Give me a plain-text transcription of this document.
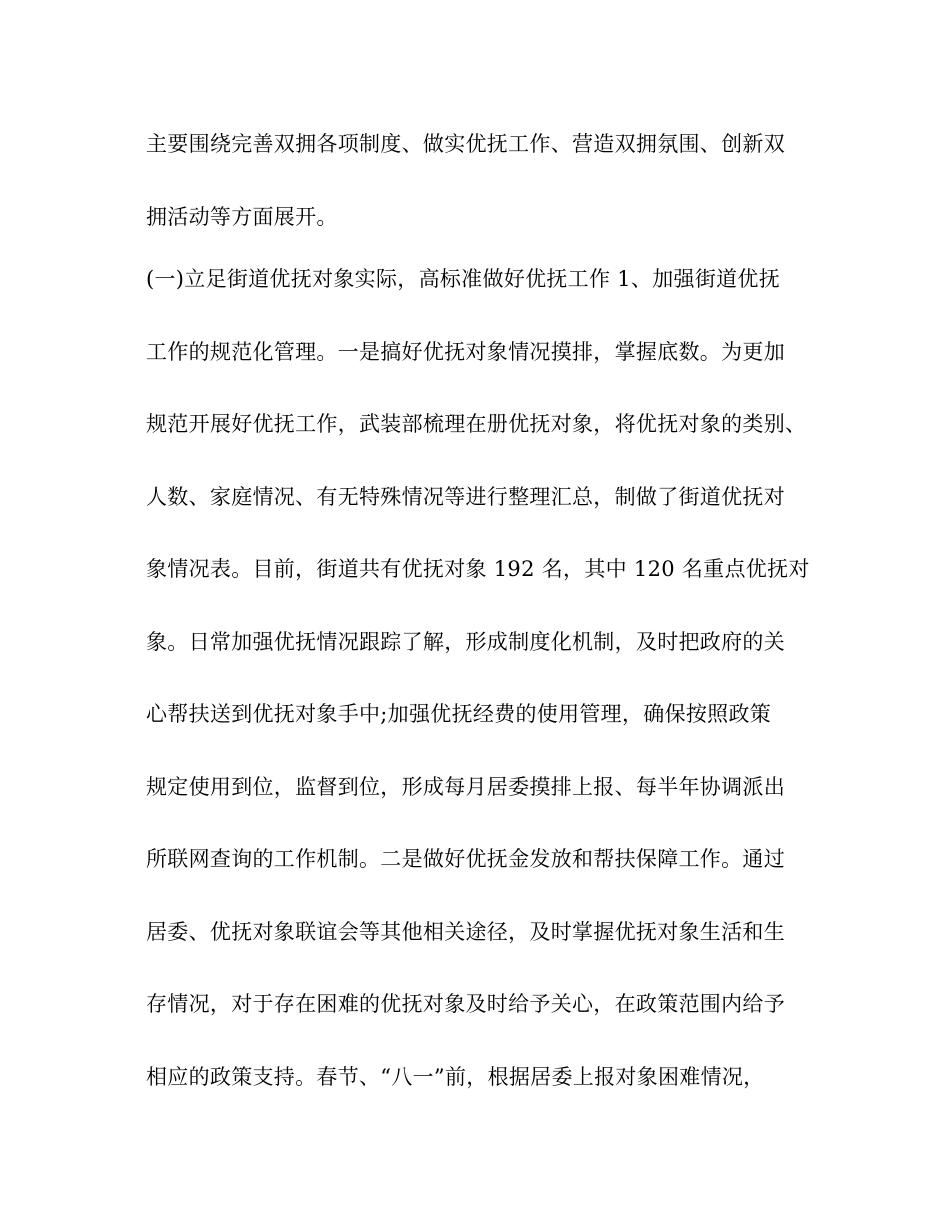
主要围绕完善双拥各项制度、做实优抚工作、营造双拥氛围、创新双
拥活动等方面展开。
(一)立足街道优抚对象实际，高标准做好优抚工作 1、加强街道优抚
工作的规范化管理。一是搞好优抚对象情况摸排，掌握底数。为更加
规范开展好优抚工作，武装部梳理在册优抚对象，将优抚对象的类别、
人数、家庭情况、有无特殊情况等进行整理汇总，制做了街道优抚对
象情况表。目前，街道共有优抚对象 192 名，其中 120 名重点优抚对
象。日常加强优抚情况跟踪了解，形成制度化机制，及时把政府的关
心帮扶送到优抚对象手中;加强优抚经费的使用管理，确保按照政策
规定使用到位，监督到位，形成每月居委摸排上报、每半年协调派出
所联网查询的工作机制。二是做好优抚金发放和帮扶保障工作。通过
居委、优抚对象联谊会等其他相关途径，及时掌握优抚对象生活和生
存情况，对于存在困难的优抚对象及时给予关心，在政策范围内给予
相应的政策支持。春节、“八一”前，根据居委上报对象困难情况，
